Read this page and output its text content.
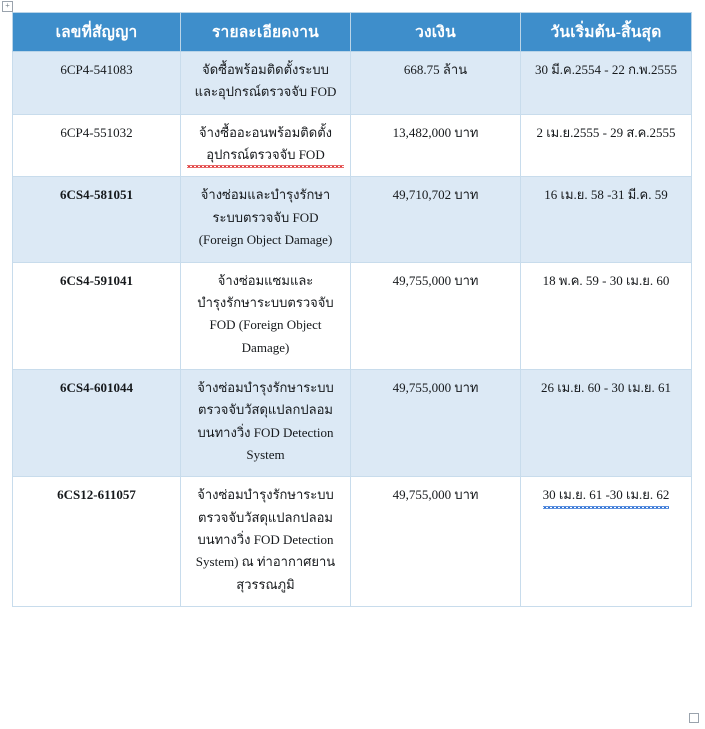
+
เลขที่สัญญา	รายละเอียดงาน	วงเงิน	วันเริ่มต้น-สิ้นสุด
6CP4-541083	จัดซื้อพร้อมติดตั้งระบบ
และอุปกรณ์ตรวจจับ FOD	668.75 ล้าน	30 มี.ค.2554 - 22 ก.พ.2555
6CP4-551032	จ้างซื้ออะอนพร้อมติดตั้ง
อุปกรณ์ตรวจจับ FOD	13,482,000 บาท	2 เม.ย.2555 - 29 ส.ค.2555
6CS4-581051	จ้างซ่อมและบำรุงรักษา
ระบบตรวจจับ FOD
(Foreign Object Damage)	49,710,702 บาท	16 เม.ย. 58 -31 มี.ค. 59
6CS4-591041	จ้างซ่อมแซมและ
บำรุงรักษาระบบตรวจจับ
FOD (Foreign Object
Damage)	49,755,000 บาท	18 พ.ค. 59 - 30 เม.ย. 60
6CS4-601044	จ้างซ่อมบำรุงรักษาระบบ
ตรวจจับวัสดุแปลกปลอม
บนทางวิ่ง FOD Detection
System	49,755,000 บาท	26 เม.ย. 60 - 30 เม.ย. 61
6CS12-611057	จ้างซ่อมบำรุงรักษาระบบ
ตรวจจับวัสดุแปลกปลอม
บนทางวิ่ง FOD Detection
System) ณ ท่าอากาศยาน
สุวรรณภูมิ	49,755,000 บาท	30 เม.ย. 61 -30 เม.ย. 62
